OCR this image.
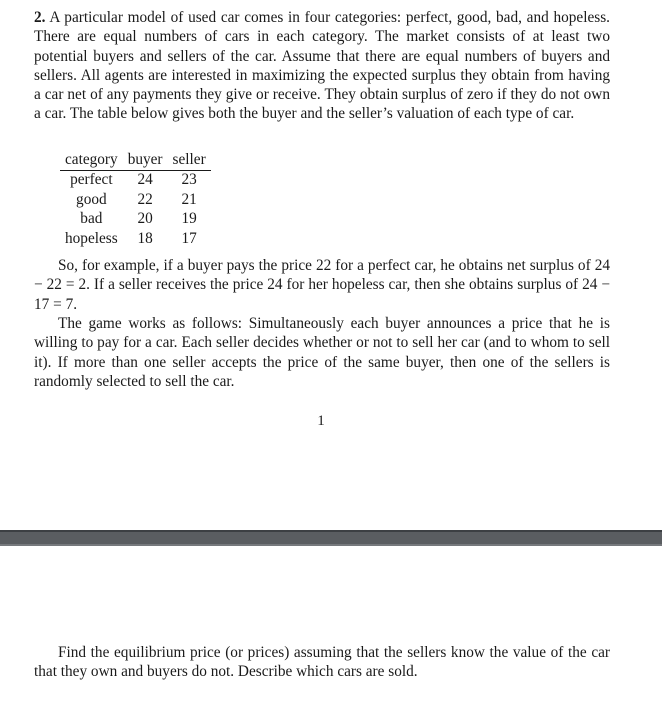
2. A particular model of used car comes in four categories: perfect, good, bad, and hopeless. There are equal numbers of cars in each category. The market consists of at least two potential buyers and sellers of the car. Assume that there are equal numbers of buyers and sellers. All agents are interested in maximizing the expected surplus they obtain from having a car net of any payments they give or receive. They obtain surplus of zero if they do not own a car. The table below gives both the buyer and the seller’s valuation of each type of car.
category	buyer	seller
perfect	24	23
good	22	21
bad	20	19
hopeless	18	17
So, for example, if a buyer pays the price 22 for a perfect car, he obtains net surplus of 24 − 22 = 2. If a seller receives the price 24 for her hopeless car, then she obtains surplus of 24 − 17 = 7.
The game works as follows: Simultaneously each buyer announces a price that he is willing to pay for a car. Each seller decides whether or not to sell her car (and to whom to sell it). If more than one seller accepts the price of the same buyer, then one of the sellers is randomly selected to sell the car.
1
Find the equilibrium price (or prices) assuming that the sellers know the value of the car that they own and buyers do not. Describe which cars are sold.
